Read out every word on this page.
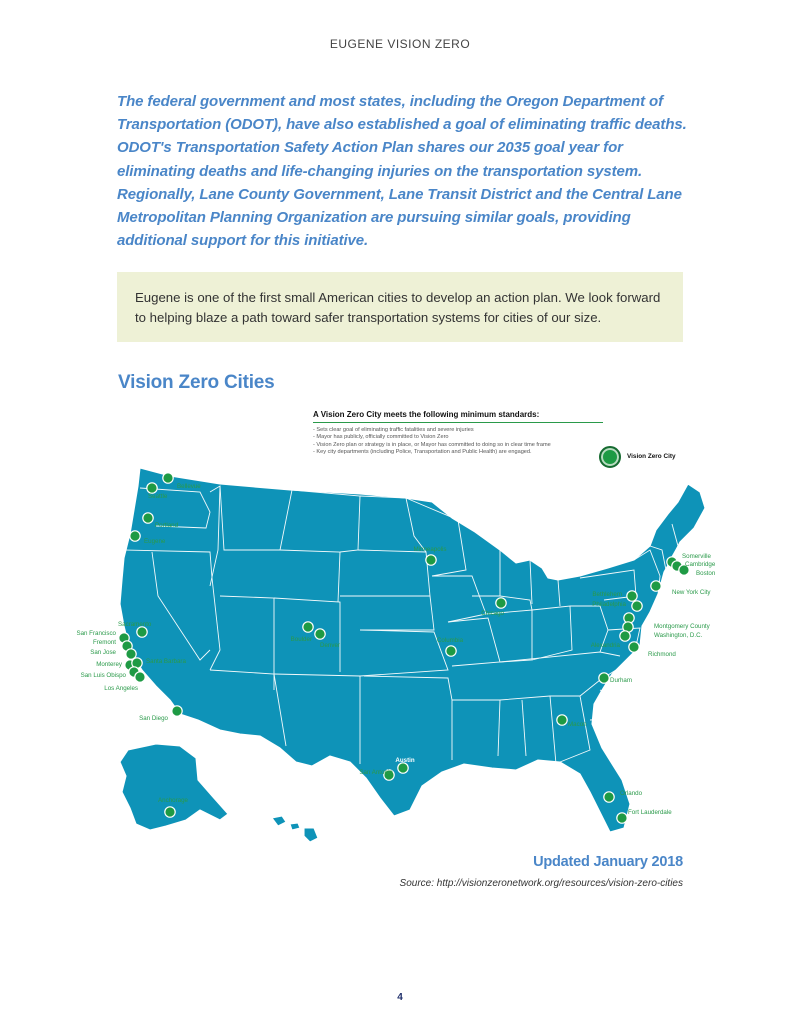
EUGENE VISION ZERO

The federal government and most states, including the Oregon Department of Transportation (ODOT), have also established a goal of eliminating traffic deaths. ODOT's Transportation Safety Action Plan shares our 2035 goal year for eliminating deaths and life-changing injuries on the transportation system. Regionally, Lane County Government, Lane Transit District and the Central Lane Metropolitan Planning Organization are pursuing similar goals, providing additional support for this initiative.

Eugene is one of the first small American cities to develop an action plan. We look forward to helping blaze a path toward safer transportation systems for cities of our size.
Vision Zero Cities
Bellevue
Seattle
Portland
Eugene
Sacramento
San Francisco
Fremont
San Jose
Monterey	Santa Barbara
San Luis Obispo
Los Angeles
San Diego
Boulder
Denver
Minneapolis
Chicago
Columbia
Austin
San Antonio
Anchorage
Somerville
Cambridge
Boston
New York City
Bethlehem
Philadelphia
Montgomery County
Washington, D.C.
Alexandria
Richmond
Durham
Macon
Orlando
Fort Lauderdale
A Vision Zero City meets the following minimum standards:
- Sets clear goal of eliminating traffic fatalities and severe injuries
- Mayor has publicly, officially committed to Vision Zero
- Vision Zero plan or strategy is in place, or Mayor has committed to doing so in clear time frame
- Key city departments (including Police, Transportation and Public Health) are engaged.
Vision Zero City
Updated January 2018
Source: http://visionzeronetwork.org/resources/vision-zero-cities
4
